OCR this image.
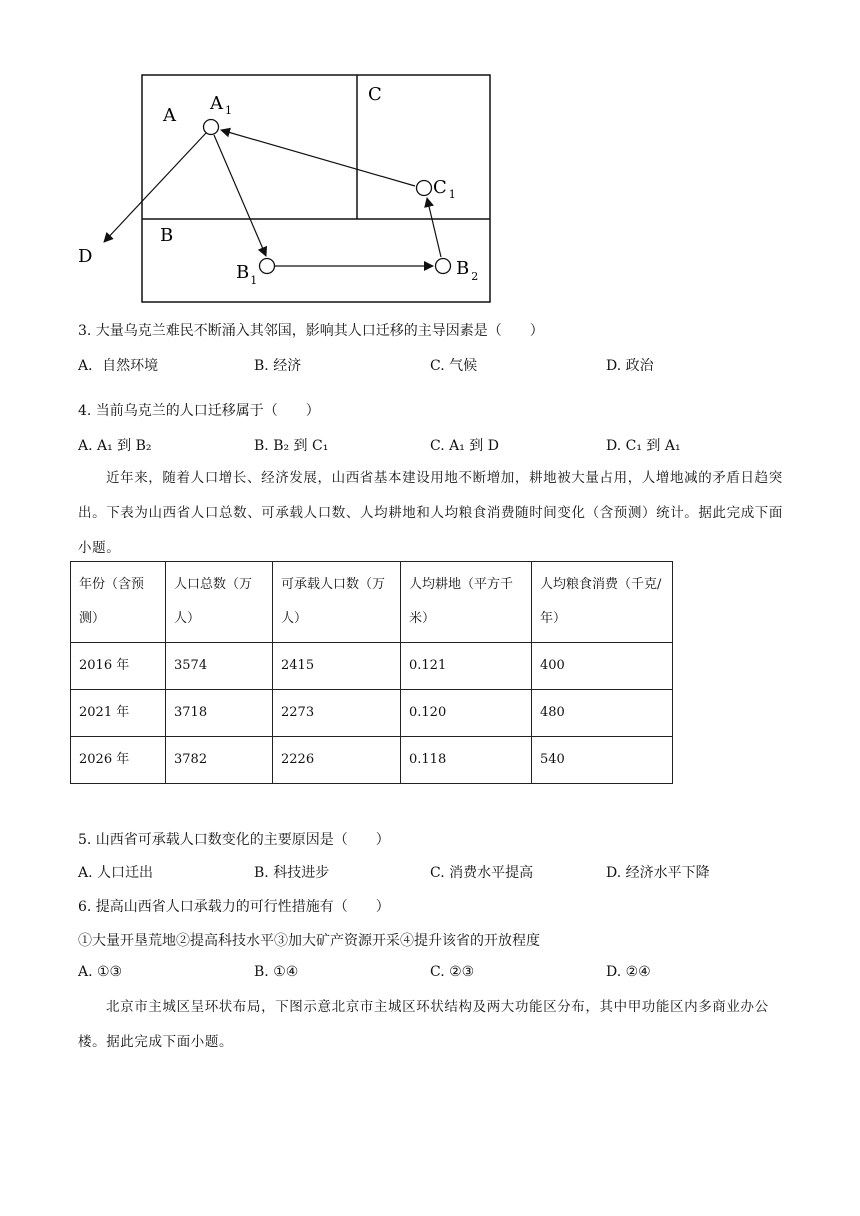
A
C
B
D
A $_1$
C $_1$
$B_1$
B $_2$
3. 大量乌克兰难民不断涌入其邻国，影响其人口迁移的主导因素是（　　）
A．自然环境	B. 经济	C. 气候	D. 政治
4. 当前乌克兰的人口迁移属于（　　）
A. A₁ 到 B₂	B. B₂ 到 C₁	C. A₁ 到 D	D. C₁ 到 A₁
近年来，随着人口增长、经济发展，山西省基本建设用地不断增加，耕地被大量占用，人增地减的矛盾日趋突出。下表为山西省人口总数、可承载人口数、人均耕地和人均粮食消费随时间变化（含预测）统计。据此完成下面小题。
年份（含预测）	人口总数（万人）	可承载人口数（万人）	人均耕地（平方千米）	人均粮食消费（千克/年）
2016 年	3574	2415	0.121	400
2021 年	3718	2273	0.120	480
2026 年	3782	2226	0.118	540
5. 山西省可承载人口数变化的主要原因是（　　）
A. 人口迁出	B. 科技进步	C. 消费水平提高	D. 经济水平下降
6. 提高山西省人口承载力的可行性措施有（　　）
①大量开垦荒地②提高科技水平③加大矿产资源开采④提升该省的开放程度
A. ①③	B. ①④	C. ②③	D. ②④
北京市主城区呈环状布局，下图示意北京市主城区环状结构及两大功能区分布，其中甲功能区内多商业办公楼。据此完成下面小题。
